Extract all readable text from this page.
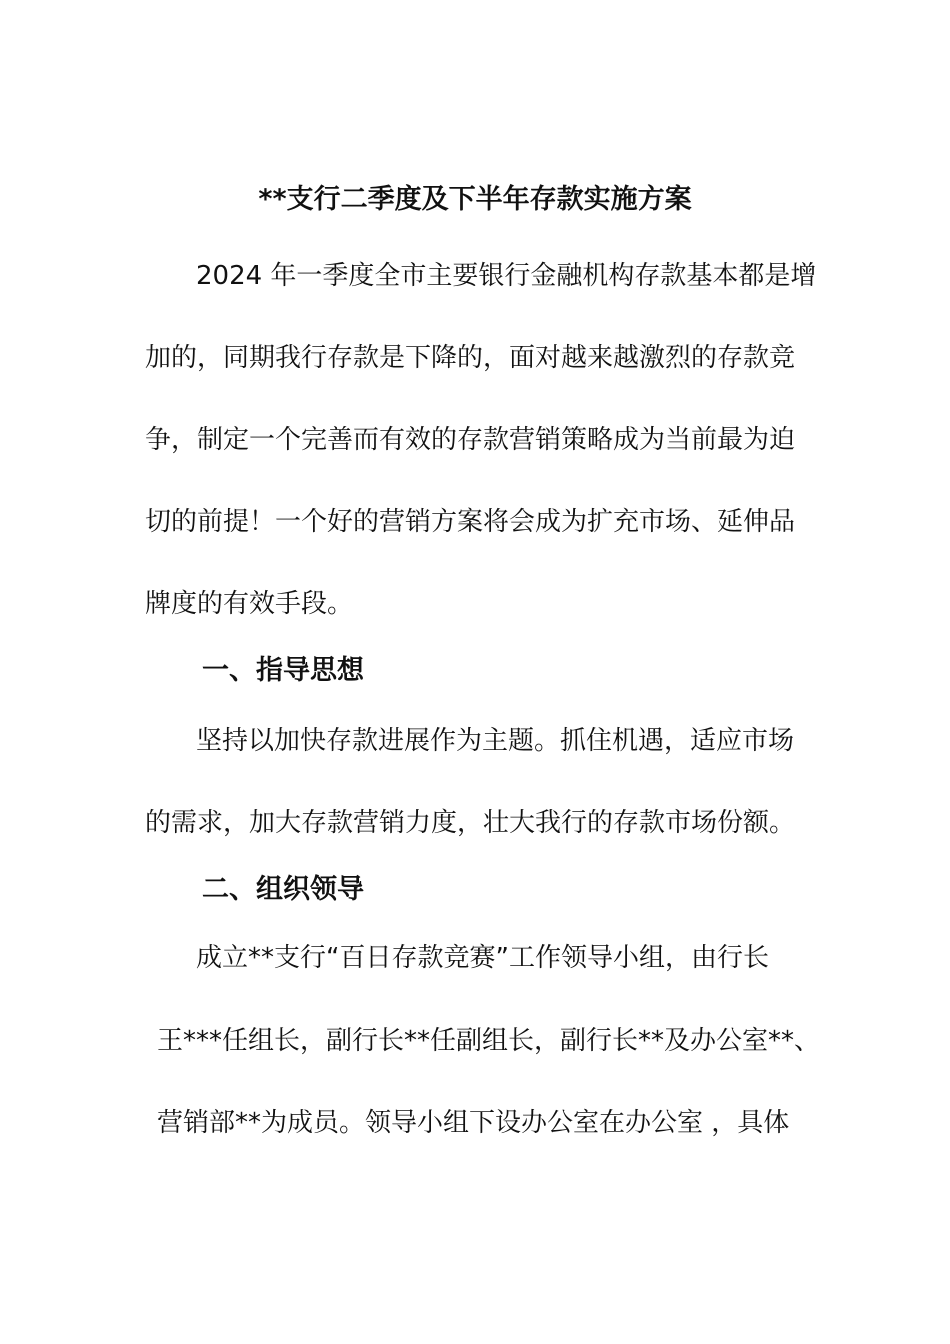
**支行二季度及下半年存款实施方案
2024 年一季度全市主要银行金融机构存款基本都是增
加的，同期我行存款是下降的，面对越来越激烈的存款竞
争，制定一个完善而有效的存款营销策略成为当前最为迫
切的前提！一个好的营销方案将会成为扩充市场、延伸品
牌度的有效手段。
一、指导思想
坚持以加快存款进展作为主题。抓住机遇，适应市场
的需求，加大存款营销力度，壮大我行的存款市场份额。
二、组织领导
成立**支行“百日存款竞赛”工作领导小组，由行长
王***任组长，副行长**任副组长，副行长**及办公室**、
营销部**为成员。领导小组下设办公室在办公室 ，具体
